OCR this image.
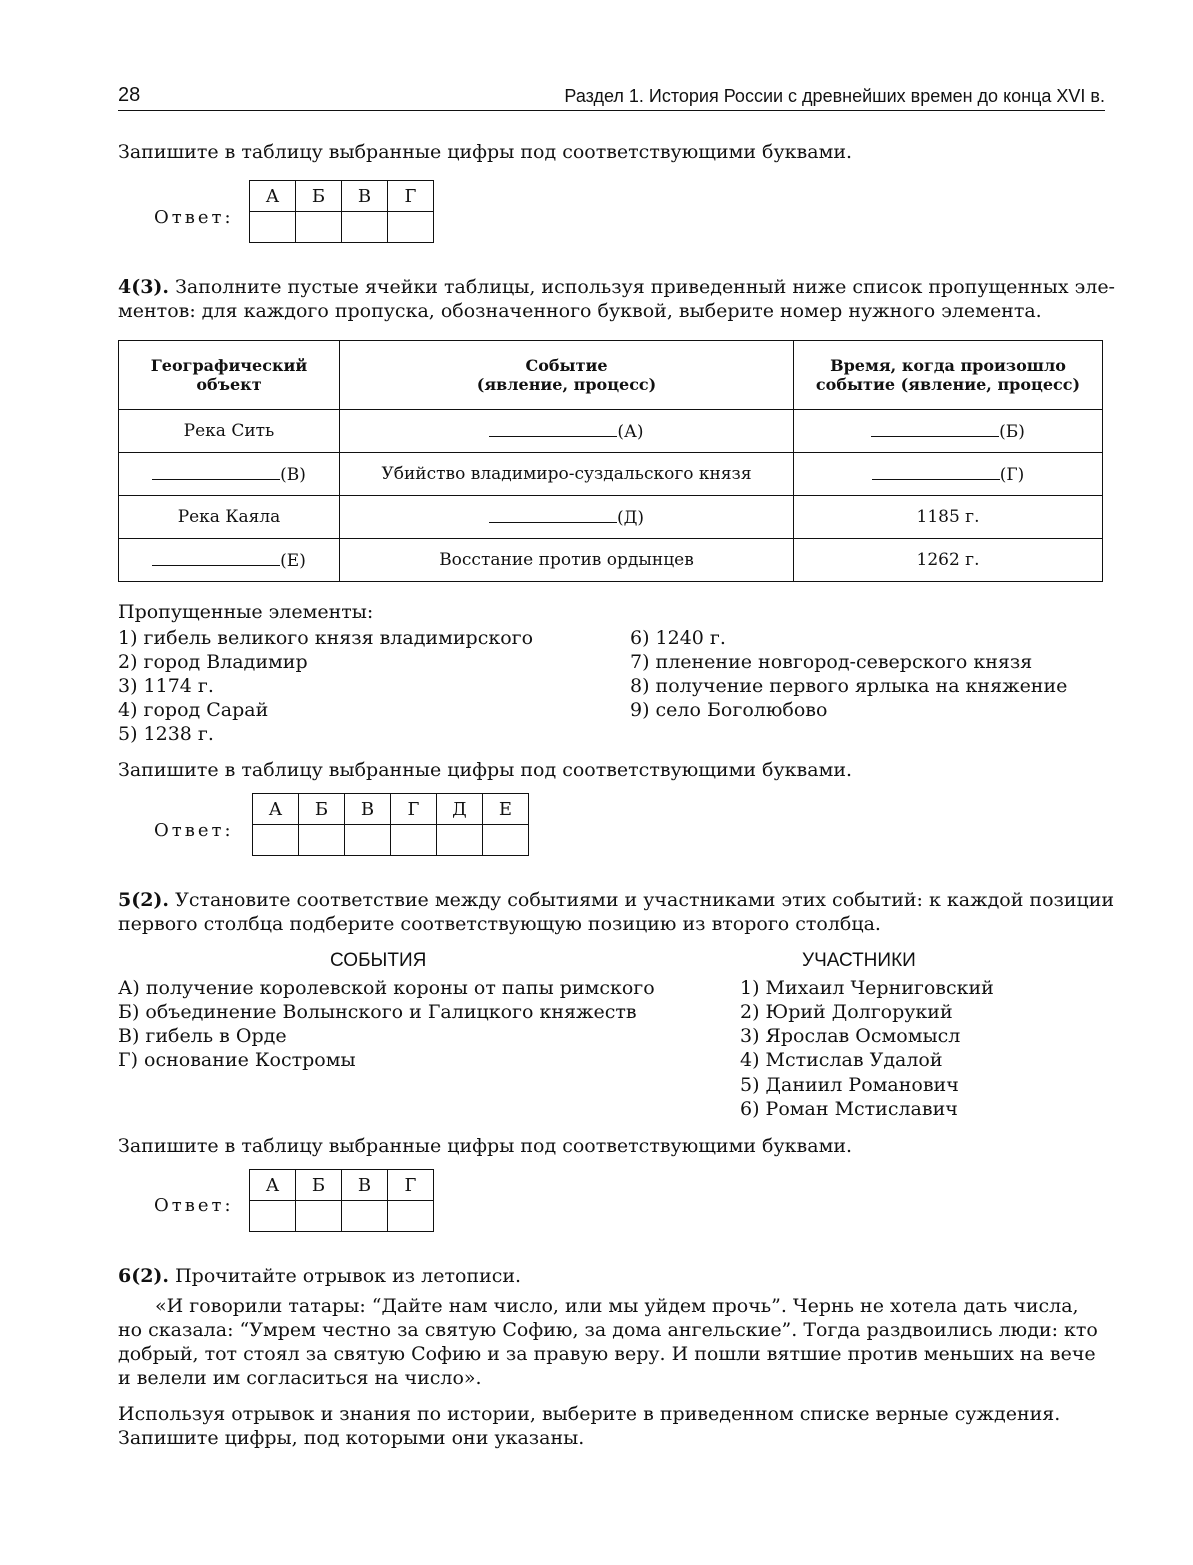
28	Раздел 1. История России с древнейших времен до конца XVI в.
Запишите в таблицу выбранные цифры под соответствующими буквами.
Ответ:
А	Б	В	Г

4(3). Заполните пустые ячейки таблицы, используя приведенный ниже список пропущенных эле-
ментов: для каждого пропуска, обозначенного буквой, выберите номер нужного элемента.
Географический
объект	Событие
(явление, процесс)	Время, когда произошло
событие (явление, процесс)
Река Сить	(А)	(Б)
(В)	Убийство владимиро-суздальского князя	(Г)
Река Каяла	(Д)	1185 г.
(Е)	Восстание против ордынцев	1262 г.
Пропущенные элементы:
1) гибель великого князя владимирского
2) город Владимир
3) 1174 г.
4) город Сарай
5) 1238 г.
6) 1240 г.
7) пленение новгород-северского князя
8) получение первого ярлыка на княжение
9) село Боголюбово
Запишите в таблицу выбранные цифры под соответствующими буквами.
Ответ:
А	Б	В	Г	Д	Е

5(2). Установите соответствие между событиями и участниками этих событий: к каждой позиции
первого столбца подберите соответствующую позицию из второго столбца.
СОБЫТИЯ	УЧАСТНИКИ
А) получение королевской короны от папы римского
Б) объединение Волынского и Галицкого княжеств
В) гибель в Орде
Г) основание Костромы
1) Михаил Черниговский
2) Юрий Долгорукий
3) Ярослав Осмомысл
4) Мстислав Удалой
5) Даниил Романович
6) Роман Мстиславич
Запишите в таблицу выбранные цифры под соответствующими буквами.
Ответ:
А	Б	В	Г

6(2). Прочитайте отрывок из летописи.
«И говорили татары: “Дайте нам число, или мы уйдем прочь”. Чернь не хотела дать числа,
но сказала: “Умрем честно за святую Софию, за дома ангельские”. Тогда раздвоились люди: кто
добрый, тот стоял за святую Софию и за правую веру. И пошли вятшие против меньших на вече
и велели им согласиться на число».
Используя отрывок и знания по истории, выберите в приведенном списке верные суждения.
Запишите цифры, под которыми они указаны.
